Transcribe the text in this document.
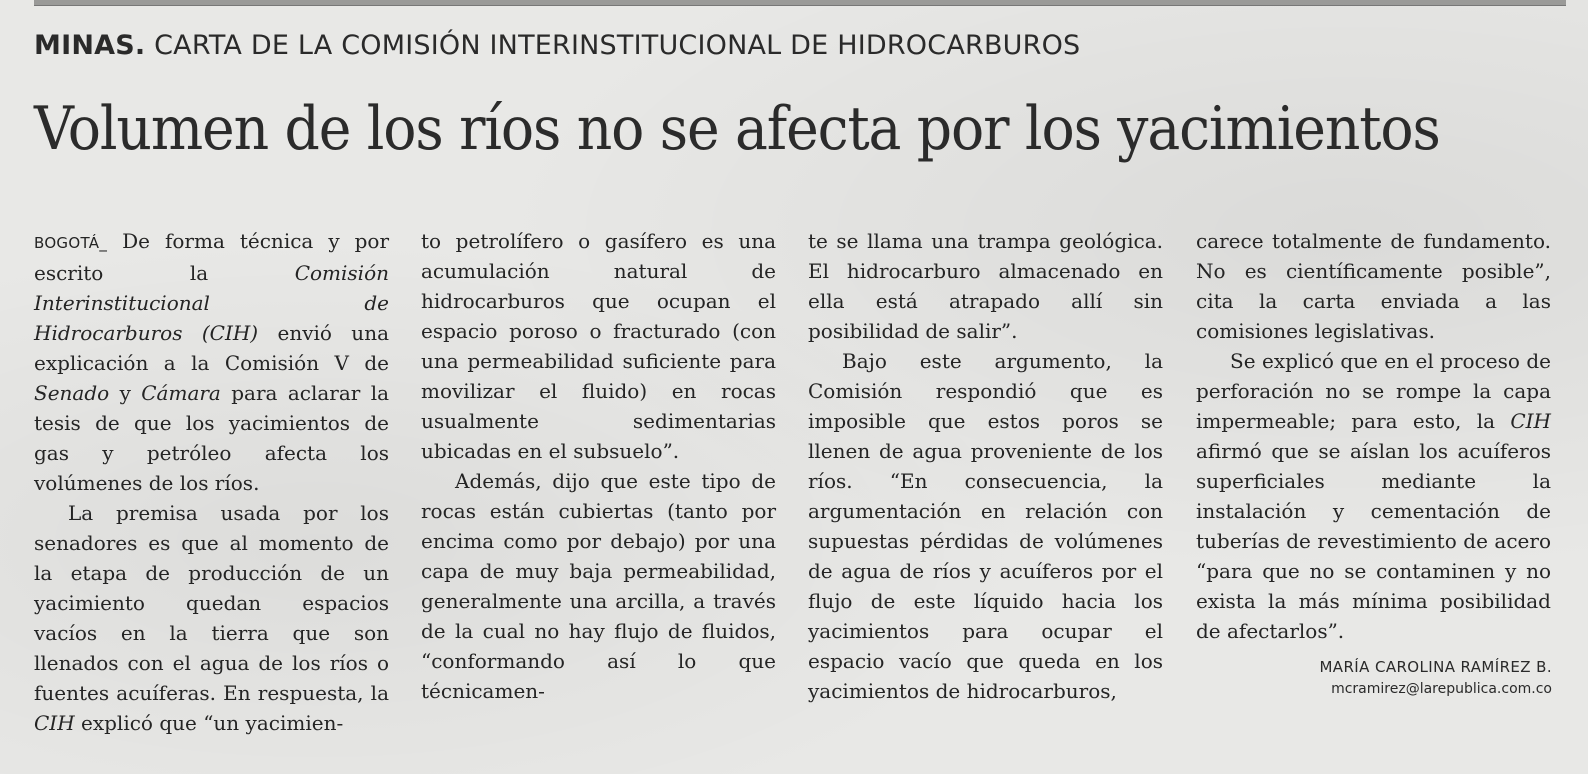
MINAS. CARTA DE LA COMISIÓN INTERINSTITUCIONAL DE HIDROCARBUROS
Volumen de los ríos no se afecta por los yacimientos

BOGOTÁ_ De forma técnica y por escrito la Comisión Interinstitucional de Hidrocarburos (CIH) envió una explicación a la Comisión V de Senado y Cámara para aclarar la tesis de que los yacimientos de gas y petróleo afecta los volúmenes de los ríos.

La premisa usada por los senadores es que al momento de la etapa de producción de un yacimiento quedan espacios vacíos en la tierra que son llenados con el agua de los ríos o fuentes acuíferas. En respuesta, la CIH explicó que “un yacimien-

to petrolífero o gasífero es una acumulación natural de hidrocarburos que ocupan el espacio poroso o fracturado (con una permeabilidad suficiente para movilizar el fluido) en rocas usualmente sedimentarias ubicadas en el subsuelo”.

Además, dijo que este tipo de rocas están cubiertas (tanto por encima como por debajo) por una capa de muy baja permeabilidad, generalmente una arcilla, a través de la cual no hay flujo de fluidos, “conformando así lo que técnicamen-

te se llama una trampa geológica. El hidrocarburo almacenado en ella está atrapado allí sin posibilidad de salir”.

Bajo este argumento, la Comisión respondió que es imposible que estos poros se llenen de agua proveniente de los ríos. “En consecuencia, la argumentación en relación con supuestas pérdidas de volúmenes de agua de ríos y acuíferos por el flujo de este líquido hacia los yacimientos para ocupar el espacio vacío que queda en los yacimientos de hidrocarburos,

carece totalmente de fundamento. No es científicamente posible”, cita la carta enviada a las comisiones legislativas.

Se explicó que en el proceso de perforación no se rompe la capa impermeable; para esto, la CIH afirmó que se aíslan los acuíferos superficiales mediante la instalación y cementación de tuberías de revestimiento de acero “para que no se contaminen y no exista la más mínima posibilidad de afectarlos”.

MARÍA CAROLINA RAMÍREZ B.
mcramirez@larepublica.com.co
